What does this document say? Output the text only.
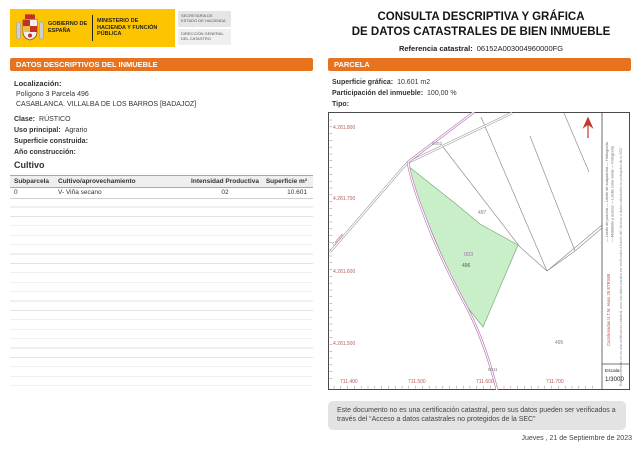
GOBIERNO DE ESPAÑA
MINISTERIO DE HACIENDA Y FUNCIÓN PÚBLICA
SECRETARÍA DE ESTADO DE HACIENDA
DIRECCIÓN GENERAL DEL CATASTRO
CONSULTA DESCRIPTIVA Y GRÁFICA
DE DATOS CATASTRALES DE BIEN INMUEBLE
Referencia catastral: 06152A003004960000FG
DATOS DESCRIPTIVOS DEL INMUEBLE	PARCELA
Localización:
Polígono 3 Parcela 496
CASABLANCA. VILLALBA DE LOS BARROS [BADAJOZ]
Clase: RÚSTICO
Uso principal: Agrario
Superficie construida:
Año construcción:
Cultivo
Subparcela	Cultivo/aprovechamiento	Intensidad Productiva	Superficie m²
0	V- Viña secano	02	10.601
Superficie gráfica: 10.601 m2
Participación del inmueble: 100,00 %
Tipo:
4.281.800
4.281.700
4.281.600
4.281.500
711.400	711.500	711.600	711.700
003
496
497
495
9002
9011
Camino	— Límite de parcela — Límite de subparcela — Hidrografía — Mobiliario y aceras — Límite zona verde — Fotografía
Coordenadas U.T.M. Huso 29 ETRS89 Este documento no es una certificación catastral, pero sus datos pueden ser verificados a través del “Acceso a datos catastrales no protegidos de la SEC”
Escala:
1/3000
Este documento no es una certificación catastral, pero sus datos pueden ser verificados a través del “Acceso a datos catastrales no protegidos de la SEC”
Jueves , 21 de Septiembre de 2023
